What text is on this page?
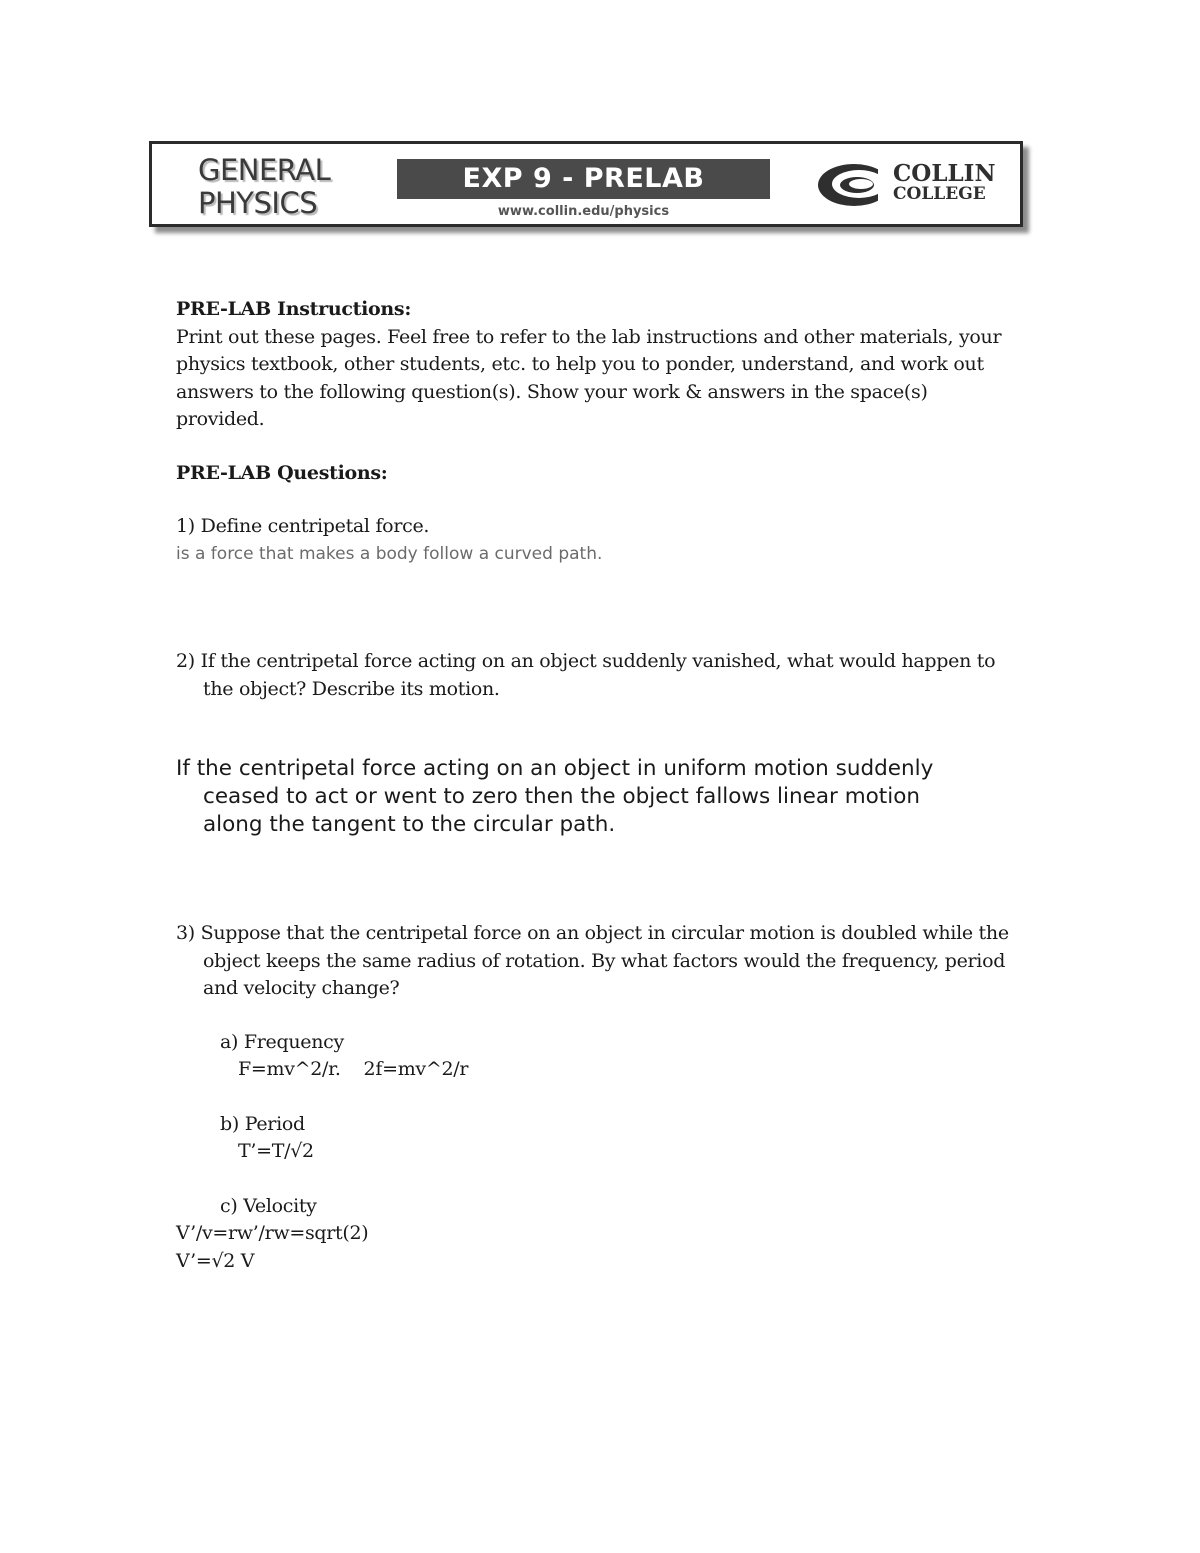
GENERAL
PHYSICS
EXP 9 - PRELAB
www.collin.edu/physics
COLLIN
COLLEGE
PRE-LAB Instructions:
Print out these pages. Feel free to refer to the lab instructions and other materials, your
physics textbook, other students, etc. to help you to ponder, understand, and work out
answers to the following question(s). Show your work & answers in the space(s)
provided.
PRE-LAB Questions:
1) Define centripetal force.
is a force that makes a body follow a curved path.
2) If the centripetal force acting on an object suddenly vanished, what would happen to
the object? Describe its motion.
If the centripetal force acting on an object in uniform motion suddenly
ceased to act or went to zero then the object fallows linear motion
along the tangent to the circular path.
3) Suppose that the centripetal force on an object in circular motion is doubled while the
object keeps the same radius of rotation. By what factors would the frequency, period
and velocity change?
a) Frequency
F=mv^2/r.    2f=mv^2/r
b) Period
T’=T/√2
c) Velocity
V’/v=rw’/rw=sqrt(2)
V’=√2 V
